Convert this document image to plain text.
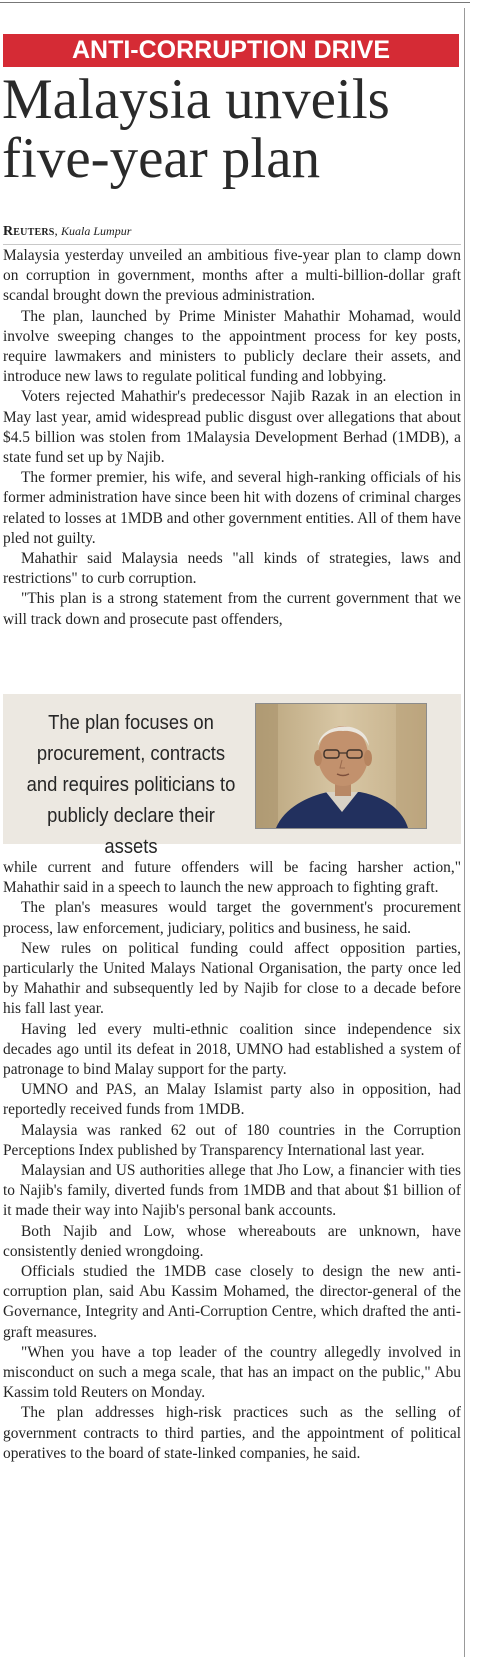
ANTI-CORRUPTION DRIVE
Malaysia unveils
five-year plan
Reuters, Kuala Lumpur

Malaysia yesterday unveiled an ambitious five-year plan to clamp down on corruption in government, months after a multi-billion-dollar graft scandal brought down the previous administration.

The plan, launched by Prime Minister Mahathir Mohamad, would involve sweeping changes to the appointment process for key posts, require lawmakers and ministers to publicly declare their assets, and introduce new laws to regulate political funding and lobbying.

Voters rejected Mahathir's predecessor Najib Razak in an election in May last year, amid widespread public disgust over allegations that about $4.5 billion was stolen from 1Malaysia Development Berhad (1MDB), a state fund set up by Najib.

The former premier, his wife, and several high-ranking officials of his former administration have since been hit with dozens of criminal charges related to losses at 1MDB and other government entities. All of them have pled not guilty.

Mahathir said Malaysia needs "all kinds of strategies, laws and restrictions" to curb corruption.

"This plan is a strong statement from the current government that we will track down and prosecute past offenders,

The plan focuses on
procurement, contracts
and requires politicians to
publicly declare their assets

while current and future offenders will be facing harsher action," Mahathir said in a speech to launch the new approach to fighting graft.

The plan's measures would target the government's procurement process, law enforcement, judiciary, politics and business, he said.

New rules on political funding could affect opposition parties, particularly the United Malays National Organisation, the party once led by Mahathir and subsequently led by Najib for close to a decade before his fall last year.

Having led every multi-ethnic coalition since independence six decades ago until its defeat in 2018, UMNO had established a system of patronage to bind Malay support for the party.

UMNO and PAS, an Malay Islamist party also in opposition, had reportedly received funds from 1MDB.

Malaysia was ranked 62 out of 180 countries in the Corruption Perceptions Index published by Transparency International last year.

Malaysian and US authorities allege that Jho Low, a financier with ties to Najib's family, diverted funds from 1MDB and that about $1 billion of it made their way into Najib's personal bank accounts.

Both Najib and Low, whose whereabouts are unknown, have consistently denied wrongdoing.

Officials studied the 1MDB case closely to design the new anti-corruption plan, said Abu Kassim Mohamed, the director-general of the Governance, Integrity and Anti-Corruption Centre, which drafted the anti-graft measures.

"When you have a top leader of the country allegedly involved in misconduct on such a mega scale, that has an impact on the public," Abu Kassim told Reuters on Monday.

The plan addresses high-risk practices such as the selling of government contracts to third parties, and the appointment of political operatives to the board of state-linked companies, he said.
